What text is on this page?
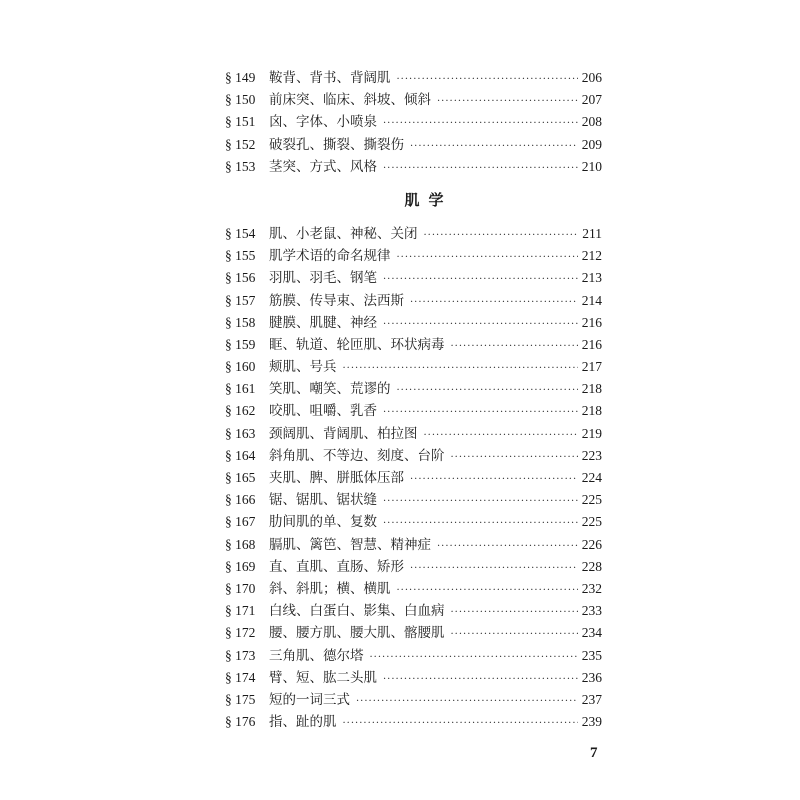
§ 149	鞍背、背书、背阔肌 ·····	206
§ 150	前床突、临床、斜坡、倾斜 ·····	207
§ 151	囟、字体、小喷泉 ·····	208
§ 152	破裂孔、撕裂、撕裂伤 ·····	209
§ 153	茎突、方式、风格 ·····	210
肌学
§ 154	肌、小老鼠、神秘、关闭 ·····	211
§ 155	肌学术语的命名规律 ·····	212
§ 156	羽肌、羽毛、钢笔 ·····	213
§ 157	筋膜、传导束、法西斯 ·····	214
§ 158	腱膜、肌腱、神经 ·····	216
§ 159	眶、轨道、轮匝肌、环状病毒 ·····	216
§ 160	颊肌、号兵 ·····	217
§ 161	笑肌、嘲笑、荒谬的 ·····	218
§ 162	咬肌、咀嚼、乳香 ·····	218
§ 163	颈阔肌、背阔肌、柏拉图 ·····	219
§ 164	斜角肌、不等边、刻度、台阶 ·····	223
§ 165	夹肌、脾、胼胝体压部 ·····	224
§ 166	锯、锯肌、锯状缝 ·····	225
§ 167	肋间肌的单、复数 ·····	225
§ 168	膈肌、篱笆、智慧、精神症 ·····	226
§ 169	直、直肌、直肠、矫形 ·····	228
§ 170	斜、斜肌；横、横肌 ·····	232
§ 171	白线、白蛋白、影集、白血病 ·····	233
§ 172	腰、腰方肌、腰大肌、髂腰肌 ·····	234
§ 173	三角肌、德尔塔 ·····	235
§ 174	臂、短、肱二头肌 ·····	236
§ 175	短的一词三式 ·····	237
§ 176	指、趾的肌 ·····	239
7
